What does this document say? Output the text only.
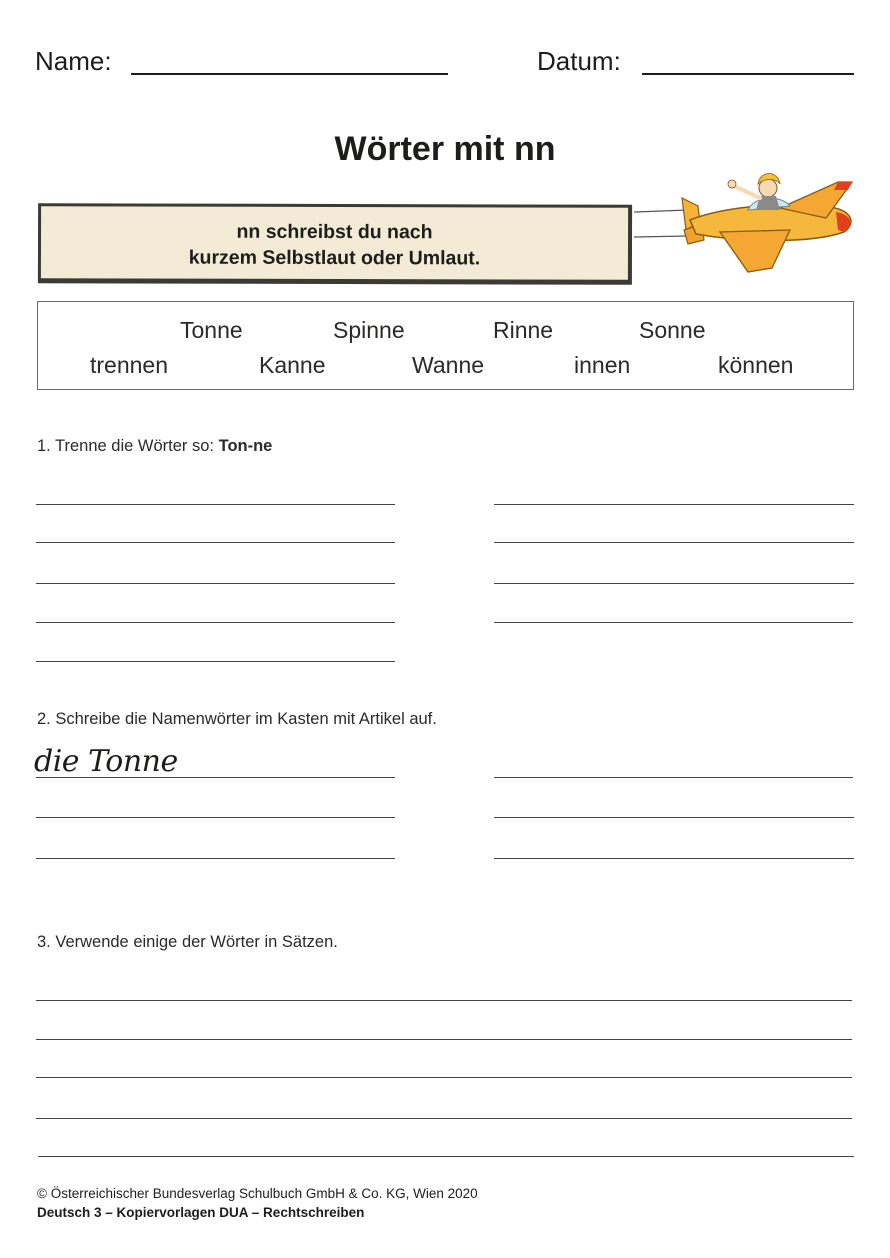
Name:	Datum:
Wörter mit nn
nn schreibst du nach
kurzem Selbstlaut oder Umlaut.
Tonne	Spinne	Rinne	Sonne
trennen	Kanne	Wanne	innen	können
1. Trenne die Wörter so: Ton-ne
2. Schreibe die Namenwörter im Kasten mit Artikel auf.
die Tonne
3. Verwende einige der Wörter in Sätzen.
© Österreichischer Bundesverlag Schulbuch GmbH & Co. KG, Wien 2020
Deutsch 3 – Kopiervorlagen DUA – Rechtschreiben
